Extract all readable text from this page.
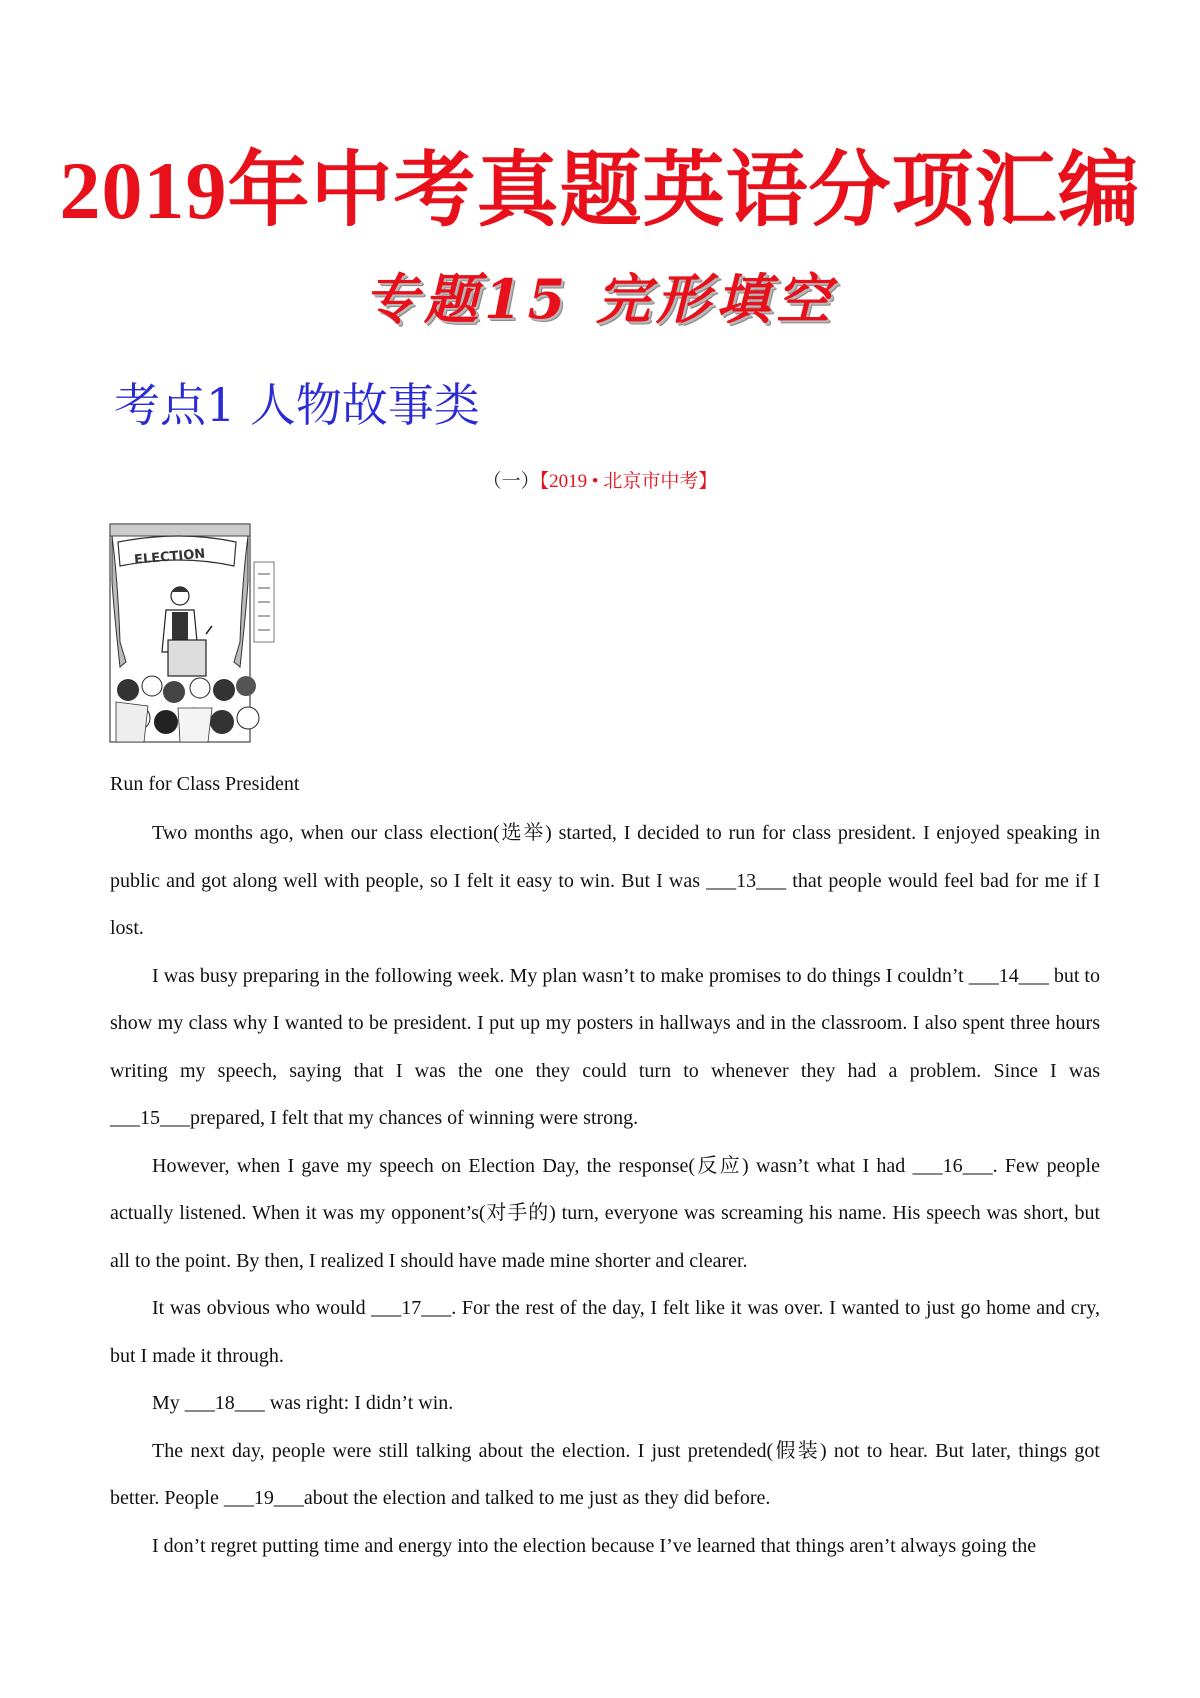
2019年中考真题英语分项汇编
专题15 完形填空
考点1 人物故事类
（一）【2019 • 北京市中考】
ELECTION
Run for Class President

Two months ago, when our class election(选举) started, I decided to run for class president. I enjoyed speaking in public and got along well with people, so I felt it easy to win. But I was ___13___ that people would feel bad for me if I lost.

I was busy preparing in the following week. My plan wasn’t to make promises to do things I couldn’t ___14___ but to show my class why I wanted to be president. I put up my posters in hallways and in the classroom. I also spent three hours writing my speech, saying that I was the one they could turn to whenever they had a problem. Since I was ___15___prepared, I felt that my chances of winning were strong.

However, when I gave my speech on Election Day, the response(反应) wasn’t what I had ___16___. Few people actually listened. When it was my opponent’s(对手的) turn, everyone was screaming his name. His speech was short, but all to the point. By then, I realized I should have made mine shorter and clearer.

It was obvious who would ___17___. For the rest of the day, I felt like it was over. I wanted to just go home and cry, but I made it through.

My ___18___ was right: I didn’t win.

The next day, people were still talking about the election. I just pretended(假装) not to hear. But later, things got better. People ___19___about the election and talked to me just as they did before.

I don’t regret putting time and energy into the election because I’ve learned that things aren’t always going the
